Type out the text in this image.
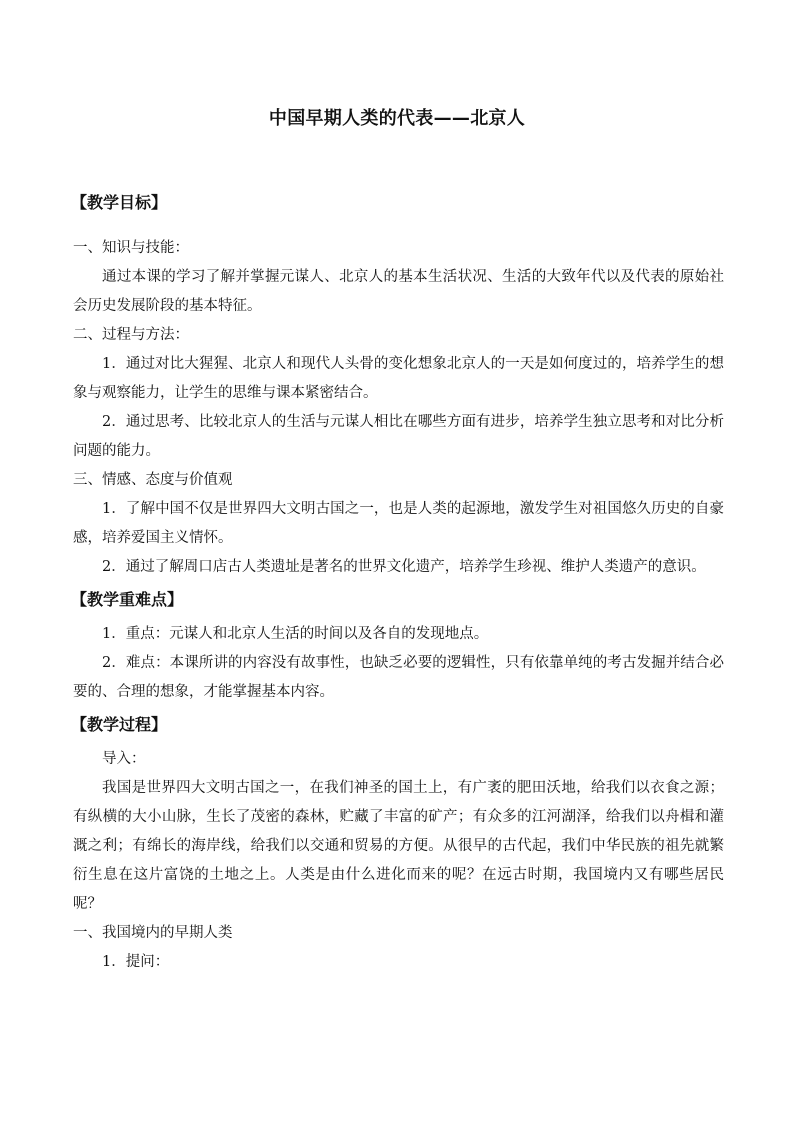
中国早期人类的代表——北京人
【教学目标】

一、知识与技能：

通过本课的学习了解并掌握元谋人、北京人的基本生活状况、生活的大致年代以及代表的原始社会历史发展阶段的基本特征。

二、过程与方法：

1．通过对比大猩猩、北京人和现代人头骨的变化想象北京人的一天是如何度过的，培养学生的想象与观察能力，让学生的思维与课本紧密结合。

2．通过思考、比较北京人的生活与元谋人相比在哪些方面有进步，培养学生独立思考和对比分析问题的能力。

三、情感、态度与价值观

1．了解中国不仅是世界四大文明古国之一，也是人类的起源地，激发学生对祖国悠久历史的自豪感，培养爱国主义情怀。

2．通过了解周口店古人类遗址是著名的世界文化遗产，培养学生珍视、维护人类遗产的意识。

【教学重难点】

1．重点：元谋人和北京人生活的时间以及各自的发现地点。

2．难点：本课所讲的内容没有故事性，也缺乏必要的逻辑性，只有依靠单纯的考古发掘并结合必要的、合理的想象，才能掌握基本内容。

【教学过程】

导入：

我国是世界四大文明古国之一，在我们神圣的国土上，有广袤的肥田沃地，给我们以衣食之源；有纵横的大小山脉，生长了茂密的森林，贮藏了丰富的矿产；有众多的江河湖泽，给我们以舟楫和灌溉之利；有绵长的海岸线，给我们以交通和贸易的方便。从很早的古代起，我们中华民族的祖先就繁衍生息在这片富饶的土地之上。人类是由什么进化而来的呢？在远古时期，我国境内又有哪些居民呢？

一、我国境内的早期人类

1．提问：
